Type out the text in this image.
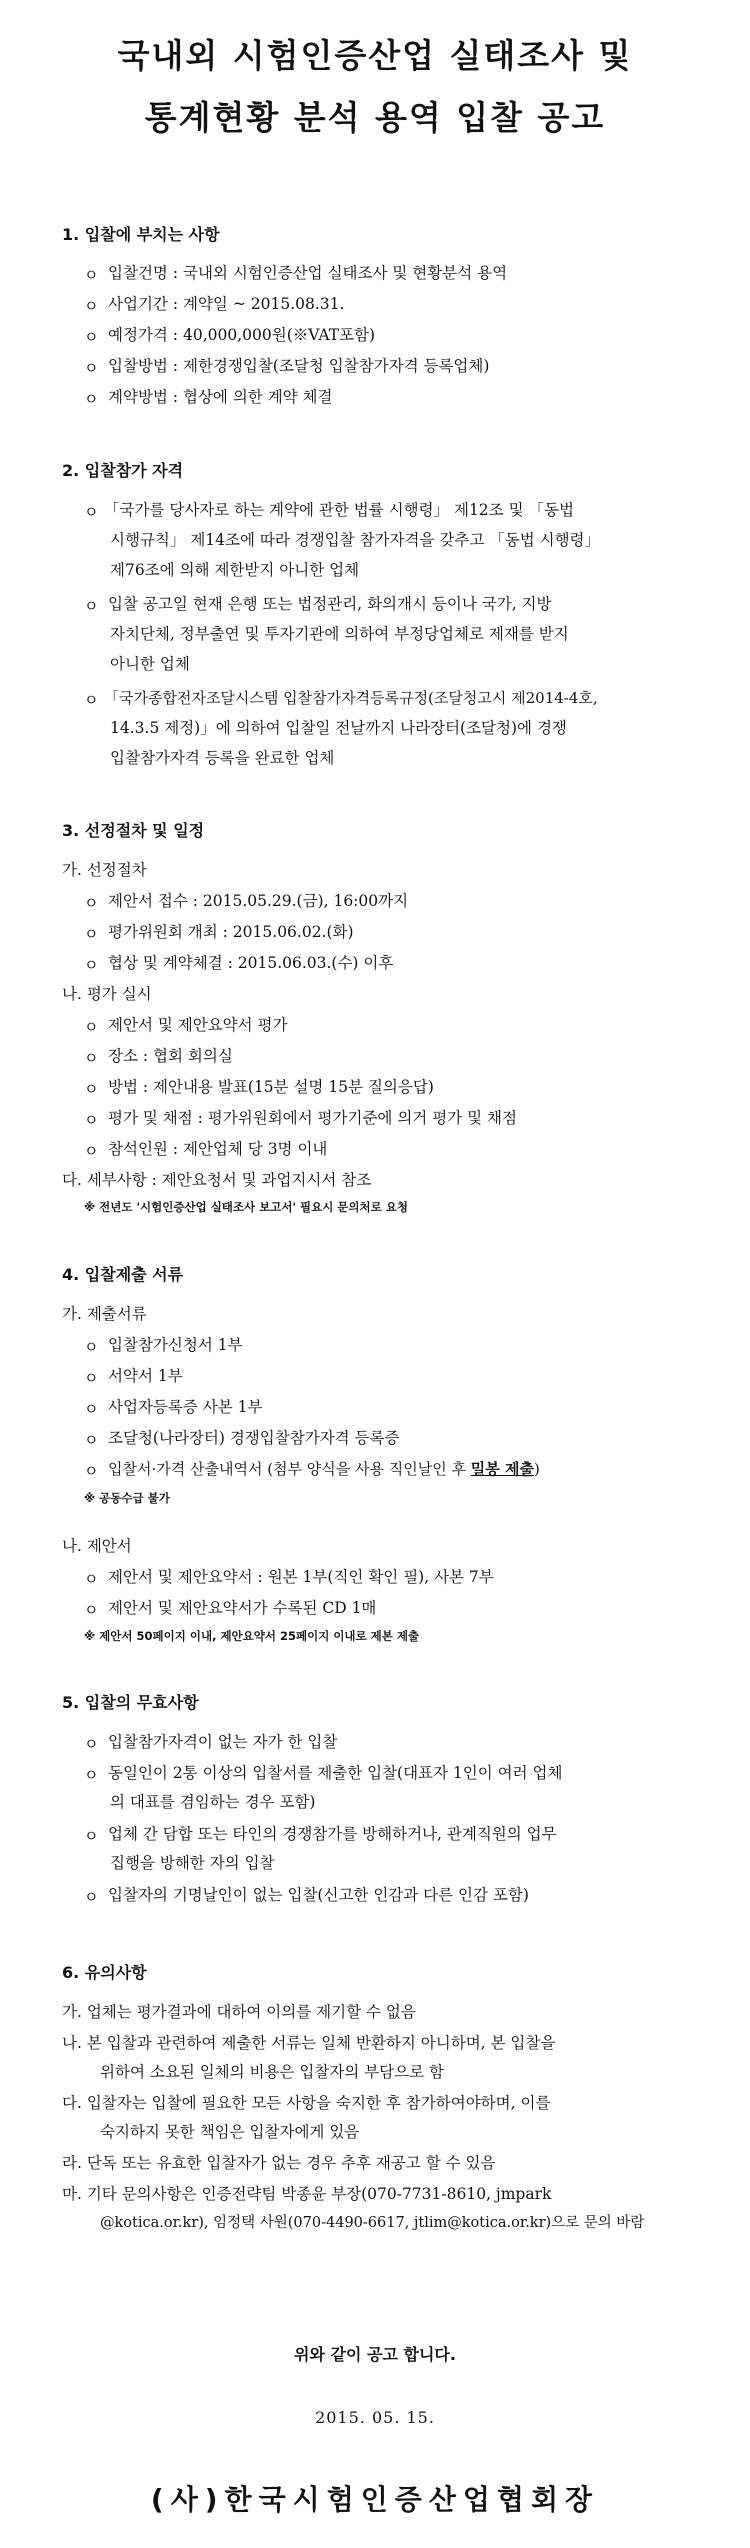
국내외 시험인증산업 실태조사 및
통계현황 분석 용역 입찰 공고
1. 입찰에 부치는 사항
ㅇ 입찰건명 : 국내외 시험인증산업 실태조사 및 현황분석 용역
ㅇ 사업기간 : 계약일 ~ 2015.08.31.
ㅇ 예정가격 : 40,000,000원(※VAT포함)
ㅇ 입찰방법 : 제한경쟁입찰(조달청 입찰참가자격 등록업체)
ㅇ 계약방법 : 협상에 의한 계약 체결
2. 입찰참가 자격
ㅇ 「국가를 당사자로 하는 계약에 관한 법률 시행령」 제12조 및 「동법
시행규칙」 제14조에 따라 경쟁입찰 참가자격을 갖추고 「동법 시행령」
제76조에 의해 제한받지 아니한 업체
ㅇ 입찰 공고일 현재 은행 또는 법정관리, 화의개시 등이나 국가, 지방
자치단체, 정부출연 및 투자기관에 의하여 부정당업체로 제재를 받지
아니한 업체
ㅇ 「국가종합전자조달시스템 입찰참가자격등록규정(조달청고시 제2014-4호,
14.3.5 제정)」에 의하여 입찰일 전날까지 나라장터(조달청)에 경쟁
입찰참가자격 등록을 완료한 업체
3. 선정절차 및 일정
가. 선정절차
ㅇ 제안서 접수 : 2015.05.29.(금), 16:00까지
ㅇ 평가위원회 개최 : 2015.06.02.(화)
ㅇ 협상 및 계약체결 : 2015.06.03.(수) 이후
나. 평가 실시
ㅇ 제안서 및 제안요약서 평가
ㅇ 장소 : 협회 회의실
ㅇ 방법 : 제안내용 발표(15분 설명 15분 질의응답)
ㅇ 평가 및 채점 : 평가위원회에서 평가기준에 의거 평가 및 채점
ㅇ 참석인원 : 제안업체 당 3명 이내
다. 세부사항 : 제안요청서 및 과업지시서 참조
※ 전년도 '시험인증산업 실태조사 보고서' 필요시 문의처로 요청
4. 입찰제출 서류
가. 제출서류
ㅇ 입찰참가신청서 1부
ㅇ 서약서 1부
ㅇ 사업자등록증 사본 1부
ㅇ 조달청(나라장터) 경쟁입찰참가자격 등록증
ㅇ 입찰서·가격 산출내역서 (첨부 양식을 사용 직인날인 후 밀봉 제출)
※ 공동수급 불가
나. 제안서
ㅇ 제안서 및 제안요약서 : 원본 1부(직인 확인 필), 사본 7부
ㅇ 제안서 및 제안요약서가 수록된 CD 1매
※ 제안서 50페이지 이내, 제안요약서 25페이지 이내로 제본 제출
5. 입찰의 무효사항
ㅇ 입찰참가자격이 없는 자가 한 입찰
ㅇ 동일인이 2통 이상의 입찰서를 제출한 입찰(대표자 1인이 여러 업체
의 대표를 겸임하는 경우 포함)
ㅇ 업체 간 담합 또는 타인의 경쟁참가를 방해하거나, 관계직원의 업무
집행을 방해한 자의 입찰
ㅇ 입찰자의 기명날인이 없는 입찰(신고한 인감과 다른 인감 포함)
6. 유의사항
가. 업체는 평가결과에 대하여 이의를 제기할 수 없음
나. 본 입찰과 관련하여 제출한 서류는 일체 반환하지 아니하며, 본 입찰을
위하여 소요된 일체의 비용은 입찰자의 부담으로 함
다. 입찰자는 입찰에 필요한 모든 사항을 숙지한 후 참가하여야하며, 이를
숙지하지 못한 책임은 입찰자에게 있음
라. 단독 또는 유효한 입찰자가 없는 경우 추후 재공고 할 수 있음
마. 기타 문의사항은 인증전략팀 박종윤 부장(070-7731-8610, jmpark
@kotica.or.kr), 임정택 사원(070-4490-6617, jtlim@kotica.or.kr)으로 문의 바람
위와 같이 공고 합니다.
2015. 05. 15.
(사)한국시험인증산업협회장
